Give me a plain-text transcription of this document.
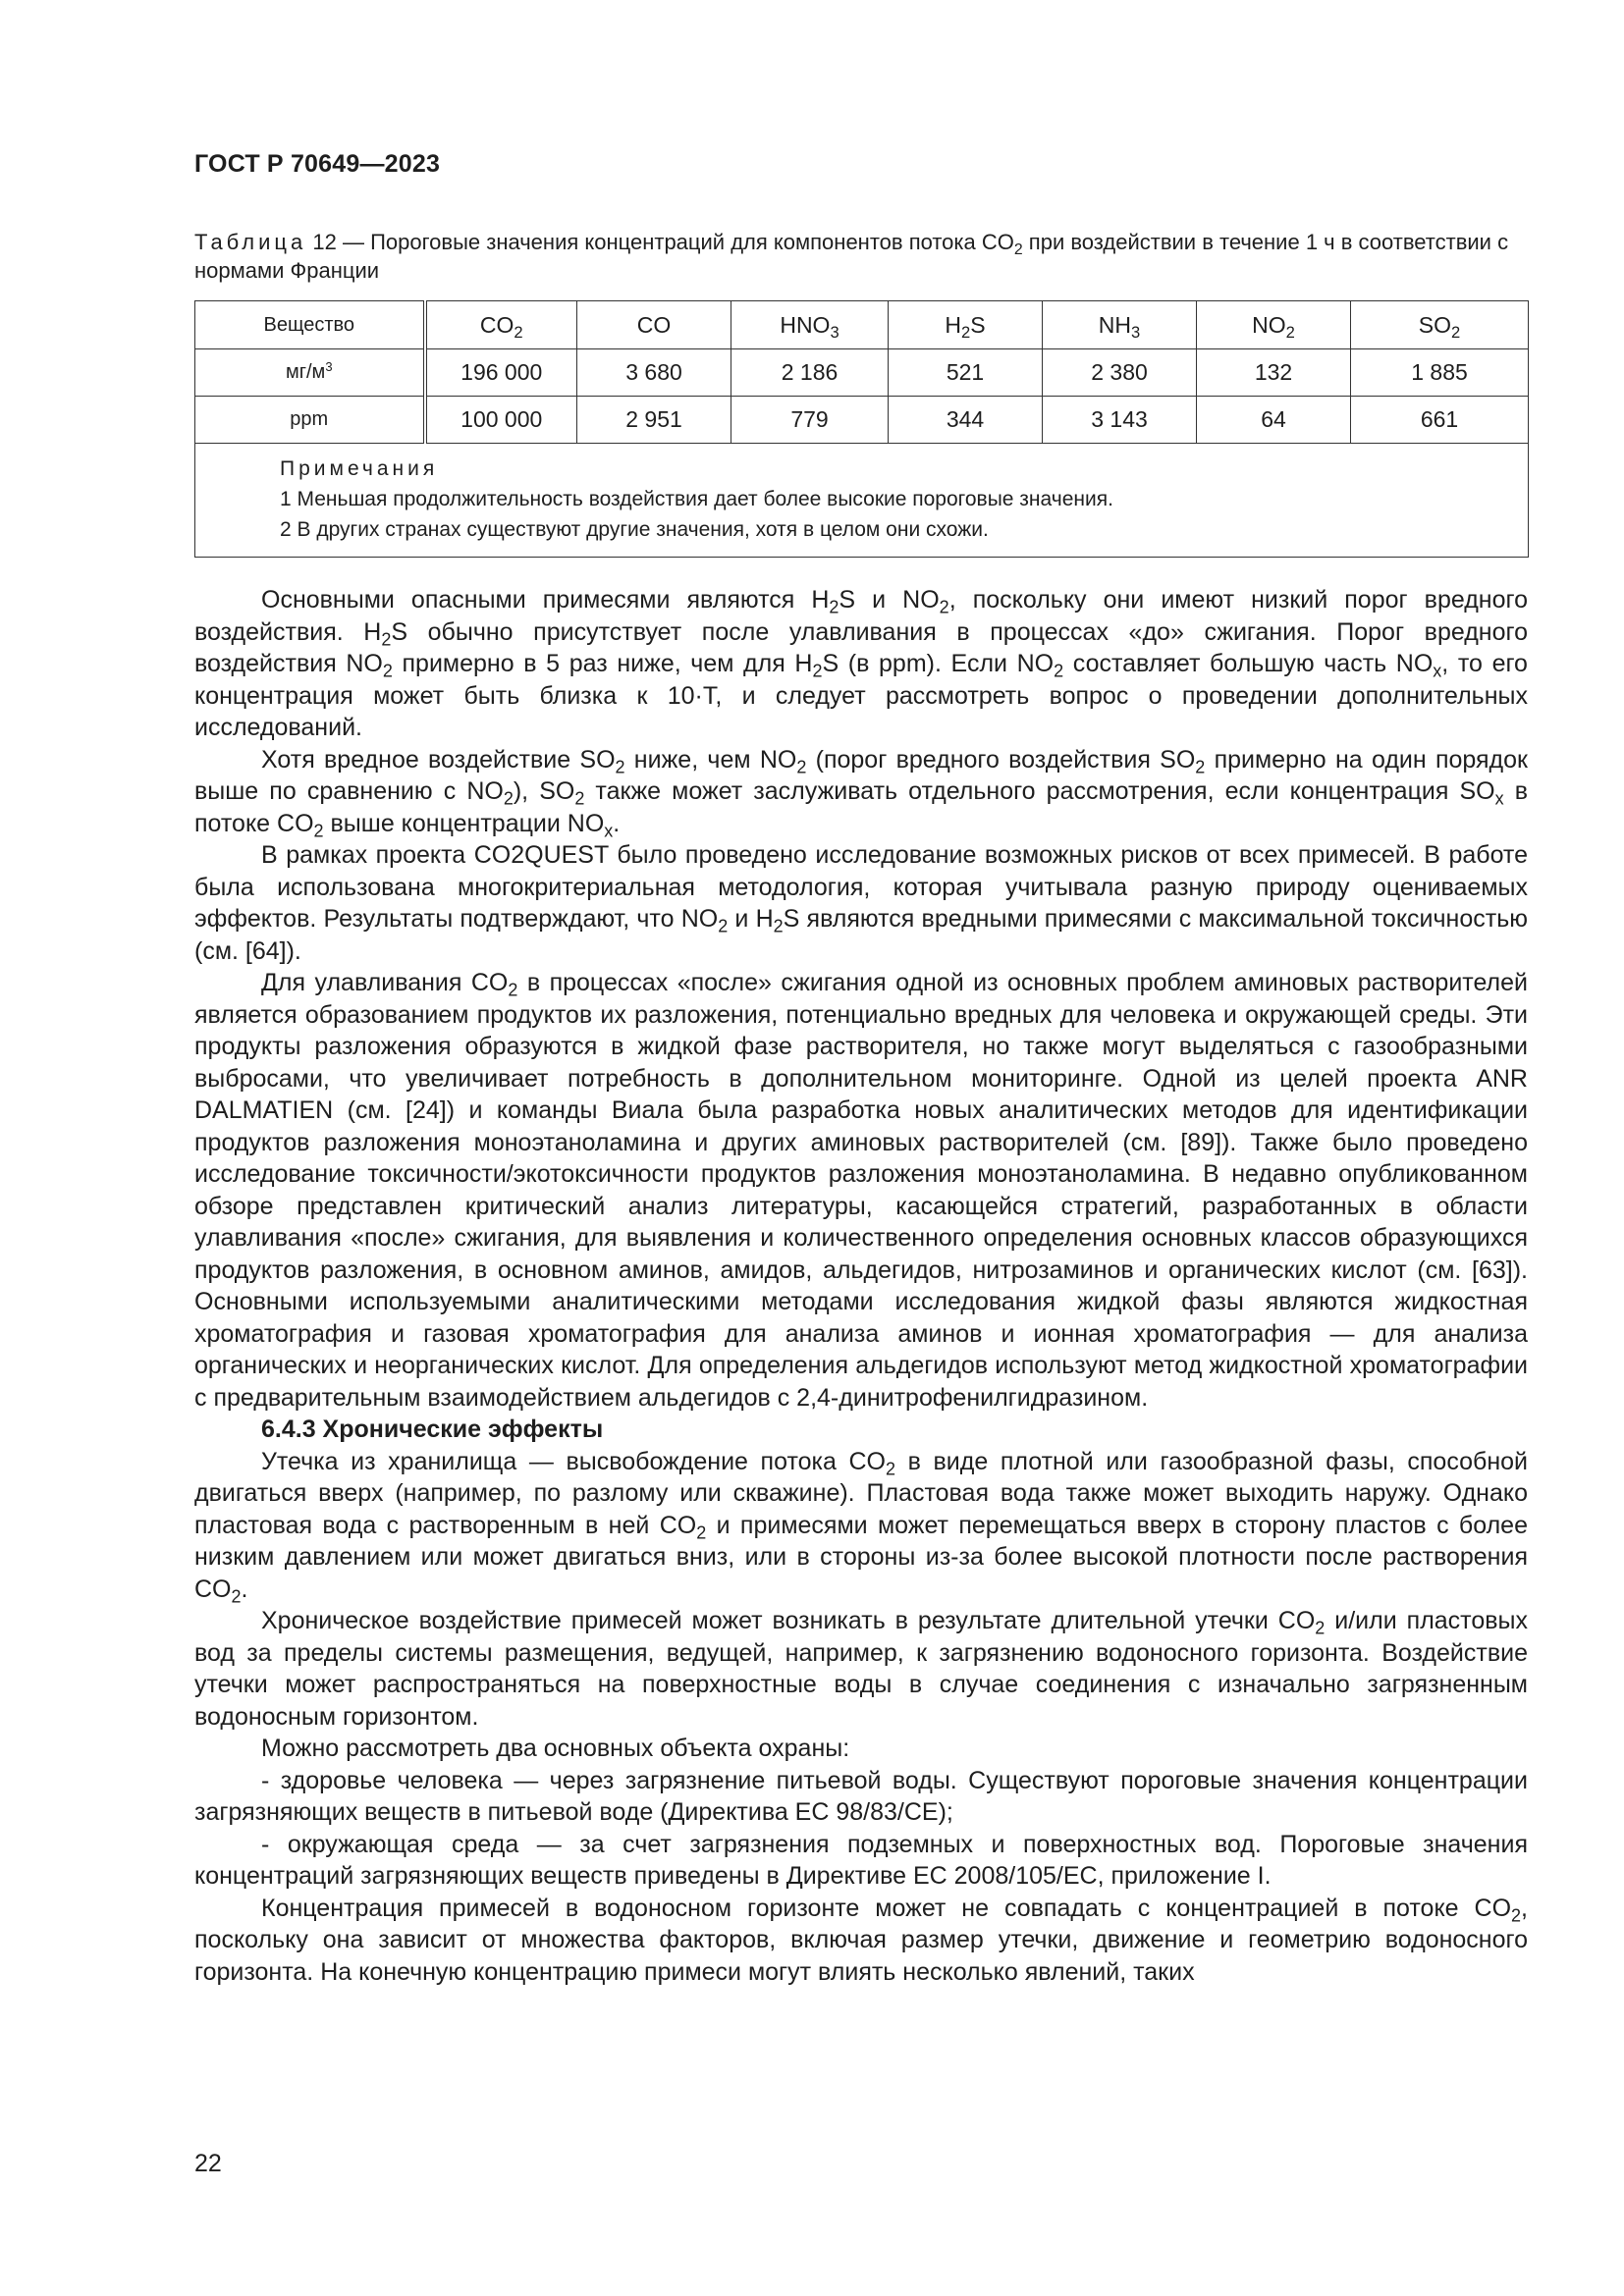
ГОСТ Р 70649—2023
Таблица 12 — Пороговые значения концентраций для компонентов потока $CO_2$ при воздействии в течение 1 ч в соответствии с нормами Франции
Вещество	$CO_2$	CO	$HNO_3$	$H_2S$	$NH_3$	$NO_2$	$SO_2$
$мг/м^3$	196 000	3 680	2 186	521	2 380	132	1 885
ppm	100 000	2 951	779	344	3 143	64	661

Примечания
1 Меньшая продолжительность воздействия дает более высокие пороговые значения.
2 В других странах существуют другие значения, хотя в целом они схожи.							

Основными опасными примесями являются $H_2S$ и $NO_2$, поскольку они имеют низкий порог вредного воздействия. $H_2S$ обычно присутствует после улавливания в процессах «до» сжигания. Порог вредного воздействия $NO_2$ примерно в 5 раз ниже, чем для $H_2S$ (в ppm). Если $NO_2$ составляет большую часть $NO_x$, то его концентрация может быть близка к 10·T, и следует рассмотреть вопрос о проведении дополнительных исследований.

Хотя вредное воздействие $SO_2$ ниже, чем $NO_2$ (порог вредного воздействия $SO_2$ примерно на один порядок выше по сравнению с $NO_2$), $SO_2$ также может заслуживать отдельного рассмотрения, если концентрация $SO_x$ в потоке $CO_2$ выше концентрации $NO_x$.

В рамках проекта CO2QUEST было проведено исследование возможных рисков от всех примесей. В работе была использована многокритериальная методология, которая учитывала разную природу оцениваемых эффектов. Результаты подтверждают, что $NO_2$ и $H_2S$ являются вредными примесями с максимальной токсичностью (см. [64]).

Для улавливания $CO_2$ в процессах «после» сжигания одной из основных проблем аминовых растворителей является образованием продуктов их разложения, потенциально вредных для человека и окружающей среды. Эти продукты разложения образуются в жидкой фазе растворителя, но также могут выделяться с газообразными выбросами, что увеличивает потребность в дополнительном мониторинге. Одной из целей проекта ANR DALMATIEN (см. [24]) и команды Виала была разработка новых аналитических методов для идентификации продуктов разложения моноэтаноламина и других аминовых растворителей (см. [89]). Также было проведено исследование токсичности/экотоксичности продуктов разложения моноэтаноламина. В недавно опубликованном обзоре представлен критический анализ литературы, касающейся стратегий, разработанных в области улавливания «после» сжигания, для выявления и количественного определения основных классов образующихся продуктов разложения, в основном аминов, амидов, альдегидов, нитрозаминов и органических кислот (см. [63]). Основными используемыми аналитическими методами исследования жидкой фазы являются жидкостная хроматография и газовая хроматография для анализа аминов и ионная хроматография — для анализа органических и неорганических кислот. Для определения альдегидов используют метод жидкостной хроматографии с предварительным взаимодействием альдегидов с 2,4-динитрофенилгидразином.

6.4.3 Хронические эффекты

Утечка из хранилища — высвобождение потока $CO_2$ в виде плотной или газообразной фазы, способной двигаться вверх (например, по разлому или скважине). Пластовая вода также может выходить наружу. Однако пластовая вода с растворенным в ней $CO_2$ и примесями может перемещаться вверх в сторону пластов с более низким давлением или может двигаться вниз, или в стороны из-за более высокой плотности после растворения $CO_2$.

Хроническое воздействие примесей может возникать в результате длительной утечки $CO_2$ и/или пластовых вод за пределы системы размещения, ведущей, например, к загрязнению водоносного горизонта. Воздействие утечки может распространяться на поверхностные воды в случае соединения с изначально загрязненным водоносным горизонтом.

Можно рассмотреть два основных объекта охраны:

- здоровье человека — через загрязнение питьевой воды. Существуют пороговые значения концентрации загрязняющих веществ в питьевой воде (Директива ЕС 98/83/CE);

- окружающая среда — за счет загрязнения подземных и поверхностных вод. Пороговые значения концентраций загрязняющих веществ приведены в Директиве ЕС 2008/105/ЕС, приложение I.

Концентрация примесей в водоносном горизонте может не совпадать с концентрацией в потоке $CO_2$, поскольку она зависит от множества факторов, включая размер утечки, движение и геометрию водоносного горизонта. На конечную концентрацию примеси могут влиять несколько явлений, таких

22
